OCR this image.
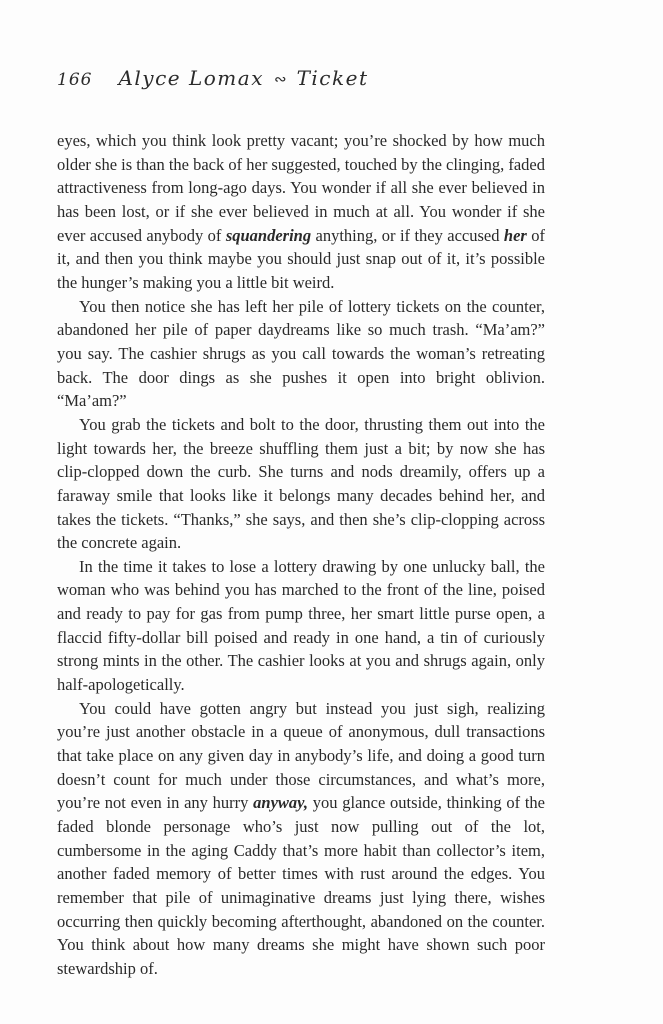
166 Alyce Lomax ∾ Ticket

eyes, which you think look pretty vacant; you’re shocked by how much older she is than the back of her suggested, touched by the clinging, faded attractiveness from long-ago days. You wonder if all she ever believed in has been lost, or if she ever believed in much at all. You wonder if she ever accused anybody of squandering anything, or if they accused her of it, and then you think maybe you should just snap out of it, it’s possible the hunger’s making you a little bit weird.

You then notice she has left her pile of lottery tickets on the counter, abandoned her pile of paper daydreams like so much trash. “Ma’am?” you say. The cashier shrugs as you call towards the woman’s retreating back. The door dings as she pushes it open into bright oblivion. “Ma’am?”

You grab the tickets and bolt to the door, thrusting them out into the light towards her, the breeze shuffling them just a bit; by now she has clip-clopped down the curb. She turns and nods dreamily, offers up a faraway smile that looks like it belongs many decades behind her, and takes the tickets. “Thanks,” she says, and then she’s clip-clopping across the concrete again.

In the time it takes to lose a lottery drawing by one unlucky ball, the woman who was behind you has marched to the front of the line, poised and ready to pay for gas from pump three, her smart little purse open, a flaccid fifty-dollar bill poised and ready in one hand, a tin of curiously strong mints in the other. The cashier looks at you and shrugs again, only half-apologetically.

You could have gotten angry but instead you just sigh, realizing you’re just another obstacle in a queue of anonymous, dull transactions that take place on any given day in anybody’s life, and doing a good turn doesn’t count for much under those circumstances, and what’s more, you’re not even in any hurry anyway, you glance outside, thinking of the faded blonde personage who’s just now pulling out of the lot, cumbersome in the aging Caddy that’s more habit than collector’s item, another faded memory of better times with rust around the edges. You remember that pile of unimaginative dreams just lying there, wishes occurring then quickly becoming afterthought, abandoned on the counter. You think about how many dreams she might have shown such poor stewardship of.
